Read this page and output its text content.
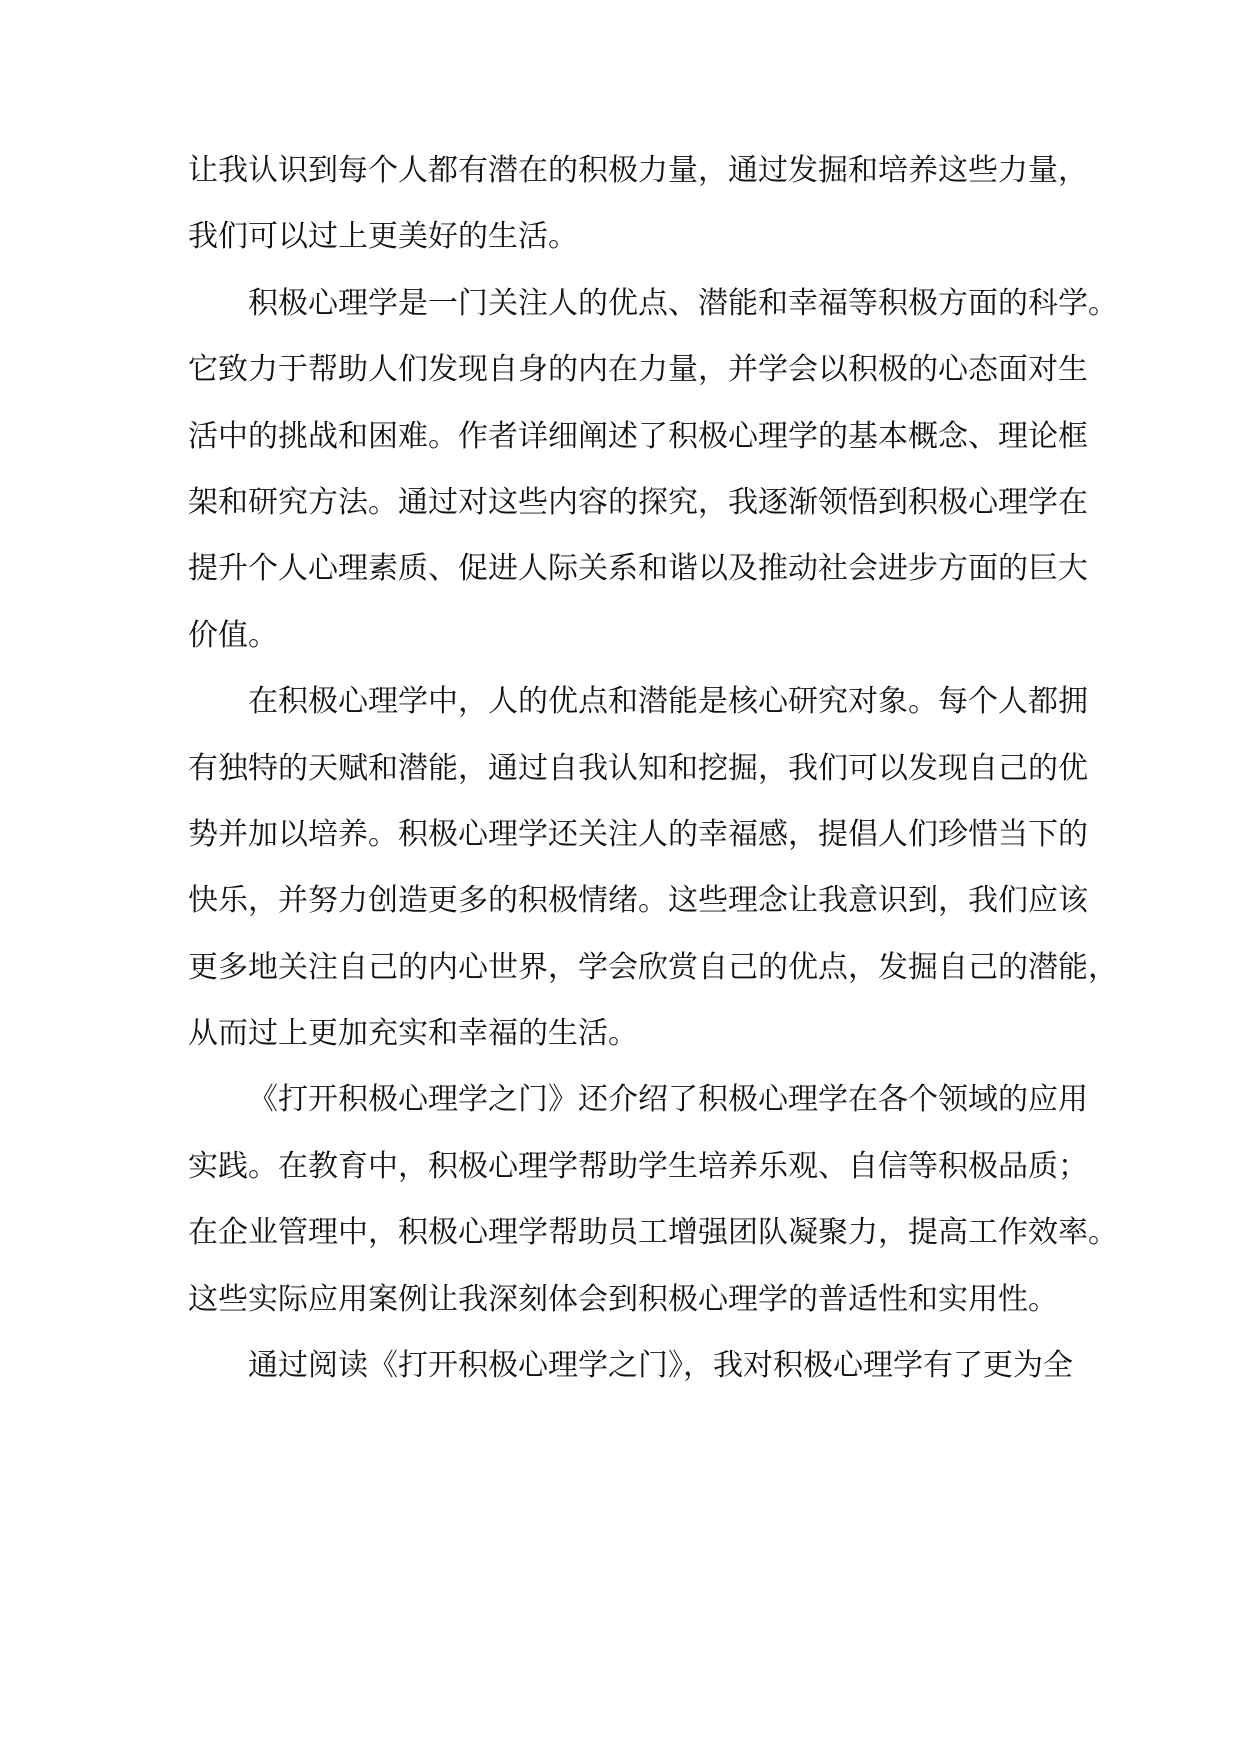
让我认识到每个人都有潜在的积极力量，通过发掘和培养这些力量，
我们可以过上更美好的生活。
积极心理学是一门关注人的优点、潜能和幸福等积极方面的科学。
它致力于帮助人们发现自身的内在力量，并学会以积极的心态面对生
活中的挑战和困难。作者详细阐述了积极心理学的基本概念、理论框
架和研究方法。通过对这些内容的探究，我逐渐领悟到积极心理学在
提升个人心理素质、促进人际关系和谐以及推动社会进步方面的巨大
价值。
在积极心理学中，人的优点和潜能是核心研究对象。每个人都拥
有独特的天赋和潜能，通过自我认知和挖掘，我们可以发现自己的优
势并加以培养。积极心理学还关注人的幸福感，提倡人们珍惜当下的
快乐，并努力创造更多的积极情绪。这些理念让我意识到，我们应该
更多地关注自己的内心世界，学会欣赏自己的优点，发掘自己的潜能，
从而过上更加充实和幸福的生活。
《打开积极心理学之门》还介绍了积极心理学在各个领域的应用
实践。在教育中，积极心理学帮助学生培养乐观、自信等积极品质；
在企业管理中，积极心理学帮助员工增强团队凝聚力，提高工作效率。
这些实际应用案例让我深刻体会到积极心理学的普适性和实用性。
通过阅读《打开积极心理学之门》，我对积极心理学有了更为全
